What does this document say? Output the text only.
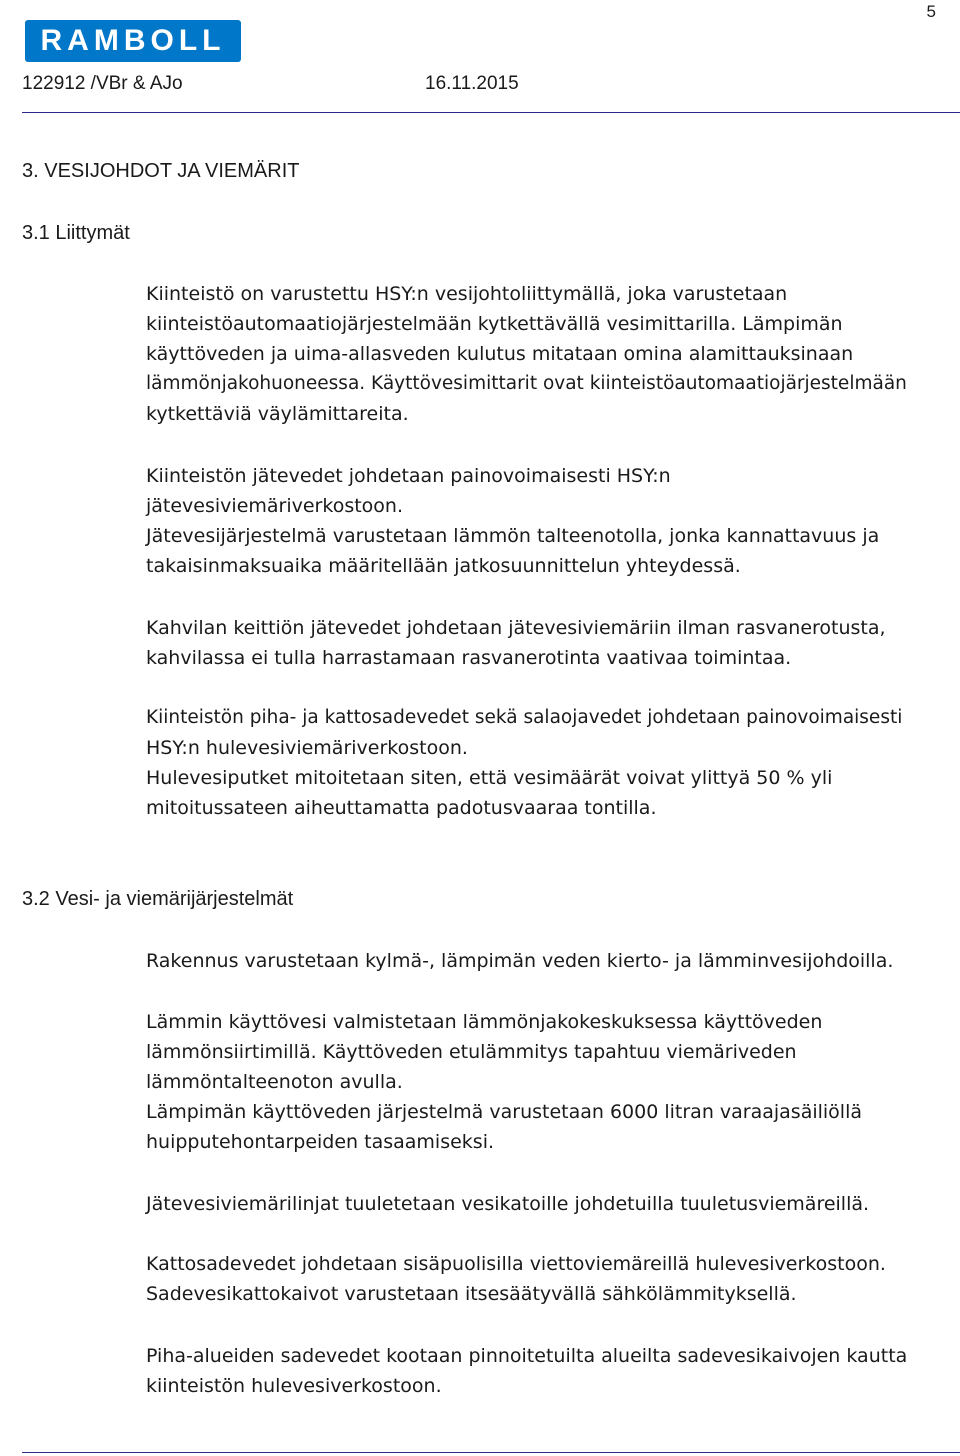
5
RAMBOLL
122912 /VBr & AJo	16.11.2015
3. VESIJOHDOT JA VIEMÄRIT
3.1 Liittymät
Kiinteistö on varustettu HSY:n vesijohtoliittymällä, joka varustetaan
kiinteistöautomaatiojärjestelmään kytkettävällä vesimittarilla. Lämpimän
käyttöveden ja uima-allasveden kulutus mitataan omina alamittauksinaan
lämmönjakohuoneessa. Käyttövesimittarit ovat kiinteistöautomaatiojärjestelmään
kytkettäviä väylämittareita.
Kiinteistön jätevedet johdetaan painovoimaisesti HSY:n
jätevesiviemäriverkostoon.
Jätevesijärjestelmä varustetaan lämmön talteenotolla, jonka kannattavuus ja
takaisinmaksuaika määritellään jatkosuunnittelun yhteydessä.
Kahvilan keittiön jätevedet johdetaan jätevesiviemäriin ilman rasvanerotusta,
kahvilassa ei tulla harrastamaan rasvanerotinta vaativaa toimintaa.
Kiinteistön piha- ja kattosadevedet sekä salaojavedet johdetaan painovoimaisesti
HSY:n hulevesiviemäriverkostoon.
Hulevesiputket mitoitetaan siten, että vesimäärät voivat ylittyä 50 % yli
mitoitussateen aiheuttamatta padotusvaaraa tontilla.
3.2 Vesi- ja viemärijärjestelmät
Rakennus varustetaan kylmä-, lämpimän veden kierto- ja lämminvesijohdoilla.
Lämmin käyttövesi valmistetaan lämmönjakokeskuksessa käyttöveden
lämmönsiirtimillä. Käyttöveden etulämmitys tapahtuu viemäriveden
lämmöntalteenoton avulla.
Lämpimän käyttöveden järjestelmä varustetaan 6000 litran varaajasäiliöllä
huipputehontarpeiden tasaamiseksi.
Jätevesiviemärilinjat tuuletetaan vesikatoille johdetuilla tuuletusviemäreillä.
Kattosadevedet johdetaan sisäpuolisilla viettoviemäreillä hulevesiverkostoon.
Sadevesikattokaivot varustetaan itsesäätyvällä sähkölämmityksellä.
Piha-alueiden sadevedet kootaan pinnoitetuilta alueilta sadevesikaivojen kautta
kiinteistön hulevesiverkostoon.
